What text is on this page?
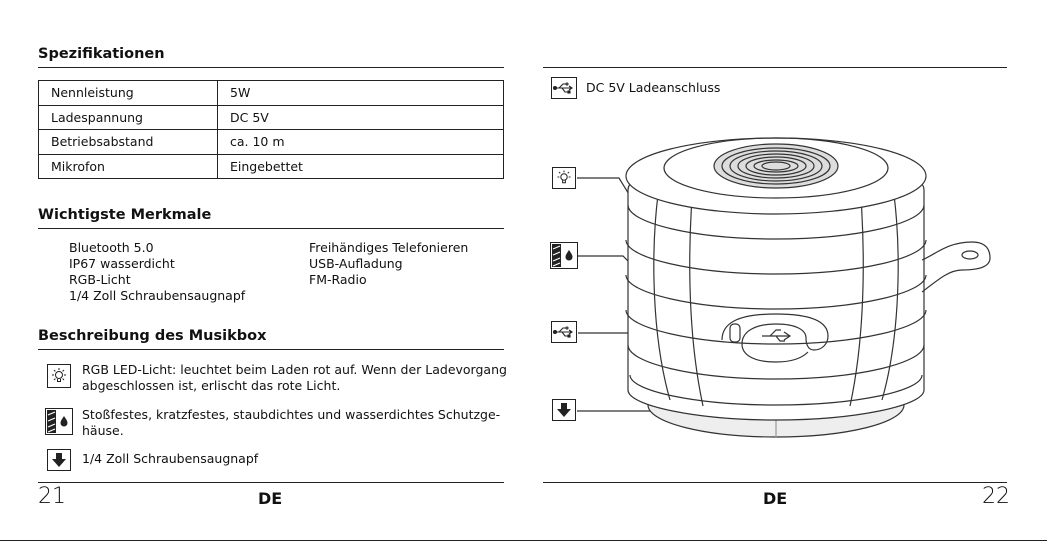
Spezifikationen
Nennleistung	5W
Ladespannung	DC 5V
Betriebsabstand	ca. 10 m
Mikrofon	Eingebettet
Wichtigste Merkmale
Bluetooth 5.0
IP67 wasserdicht
RGB-Licht
1/4 Zoll Schraubensaugnapf
Freihändiges Telefonieren
USB-Aufladung
FM-Radio
Beschreibung des Musikbox
RGB LED-Licht: leuchtet beim Laden rot auf. Wenn der Ladevorgang
abgeschlossen ist, erlischt das rote Licht.
Stoßfestes, kratzfestes, staubdichtes und wasserdichtes Schutzge-
häuse.
1/4 Zoll Schraubensaugnapf
21	DE
DC 5V Ladeanschluss
DE	22
